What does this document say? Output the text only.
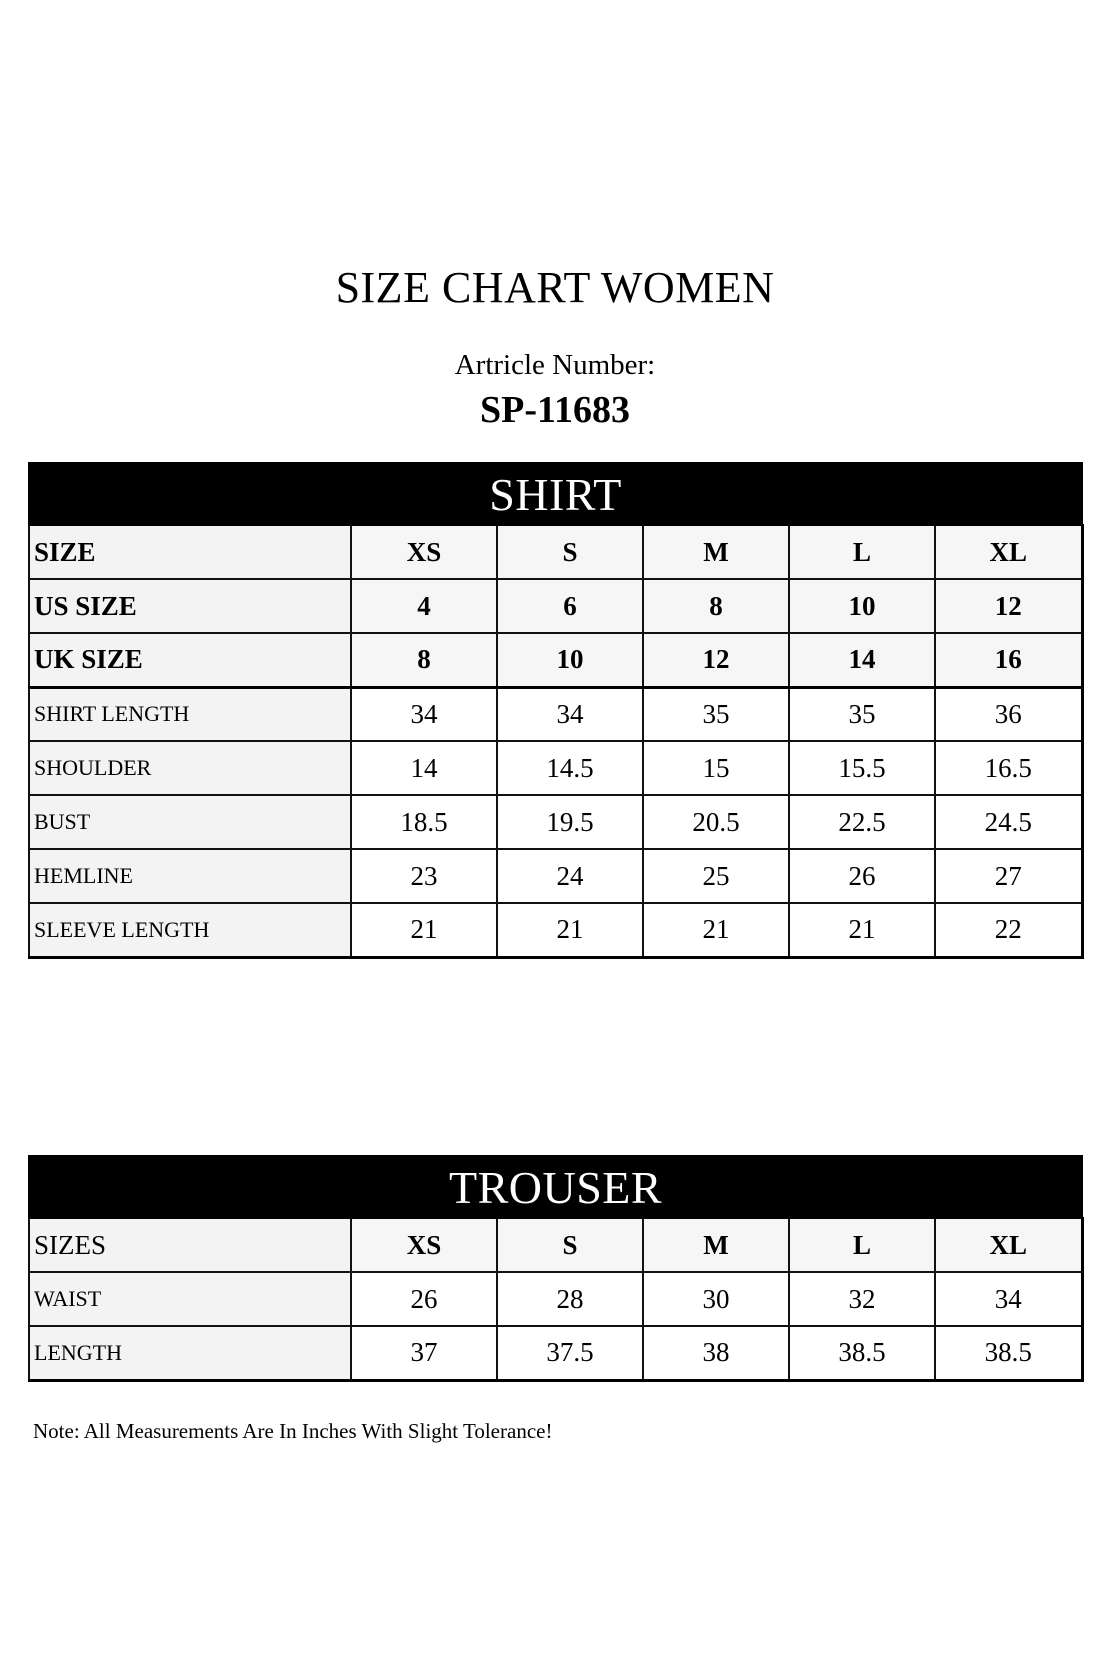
SIZE CHART WOMEN
Artricle Number:
SP-11683
SHIRT					
SIZE	XS	S	M	L	XL
US SIZE	4	6	8	10	12
UK SIZE	8	10	12	14	16
SHIRT LENGTH	34	34	35	35	36
SHOULDER	14	14.5	15	15.5	16.5
BUST	18.5	19.5	20.5	22.5	24.5
HEMLINE	23	24	25	26	27
SLEEVE LENGTH	21	21	21	21	22
TROUSER					
SIZES	XS	S	M	L	XL
WAIST	26	28	30	32	34
LENGTH	37	37.5	38	38.5	38.5
Note: All Measurements Are In Inches With Slight Tolerance!
